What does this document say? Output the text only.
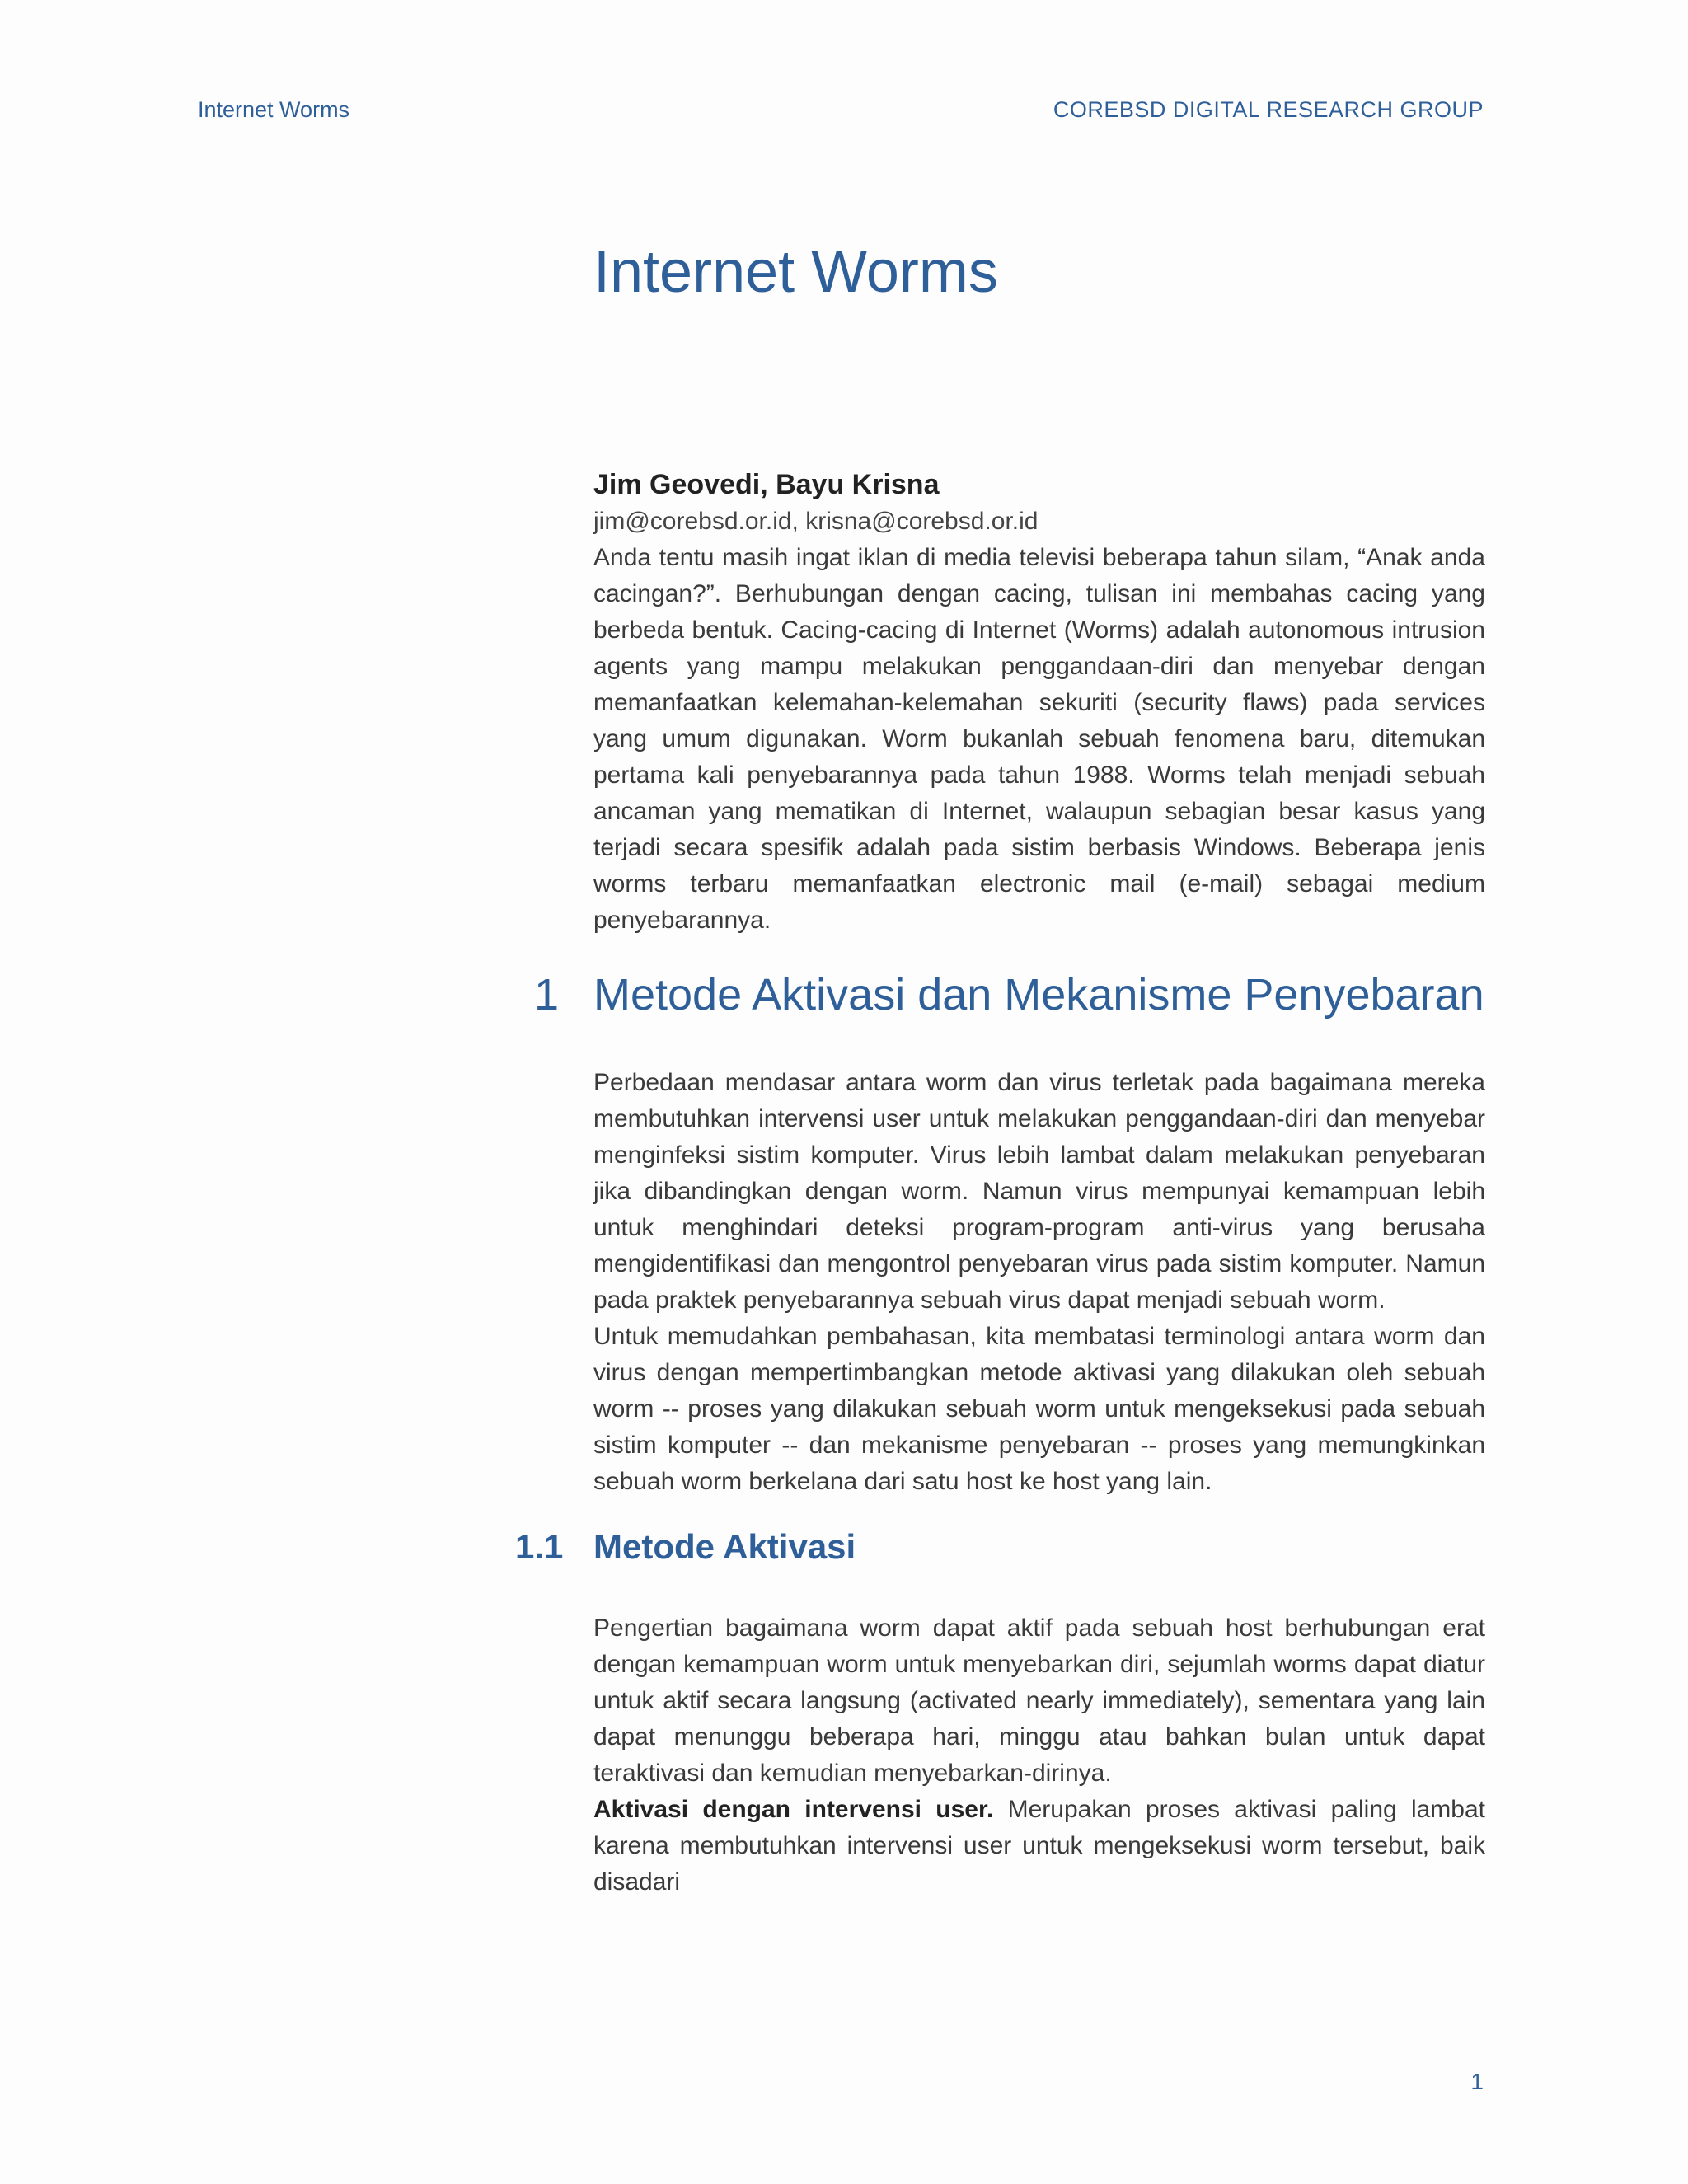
Internet Worms	COREBSD DIGITAL RESEARCH GROUP
Internet Worms
Jim Geovedi, Bayu Krisna
jim@corebsd.or.id, krisna@corebsd.or.id

Anda tentu masih ingat iklan di media televisi beberapa tahun silam, “Anak anda cacingan?”. Berhubungan dengan cacing, tulisan ini membahas cacing yang berbeda bentuk. Cacing-cacing di Internet (Worms) adalah autonomous intrusion agents yang mampu melakukan penggandaan-diri dan menyebar dengan memanfaatkan kelemahan-kelemahan sekuriti (security flaws) pada services yang umum digunakan. Worm bukanlah sebuah fenomena baru, ditemukan pertama kali penyebarannya pada tahun 1988. Worms telah menjadi sebuah ancaman yang mematikan di Internet, walaupun sebagian besar kasus yang terjadi secara spesifik adalah pada sistim berbasis Windows. Beberapa jenis worms terbaru memanfaatkan electronic mail (e-mail) sebagai medium penyebarannya.

1 Metode Aktivasi dan Mekanisme Penyebaran

Perbedaan mendasar antara worm dan virus terletak pada bagaimana mereka membutuhkan intervensi user untuk melakukan penggandaan-diri dan menyebar menginfeksi sistim komputer. Virus lebih lambat dalam melakukan penyebaran jika dibandingkan dengan worm. Namun virus mempunyai kemampuan lebih untuk menghindari deteksi program-program anti-virus yang berusaha mengidentifikasi dan mengontrol penyebaran virus pada sistim komputer. Namun pada praktek penyebarannya sebuah virus dapat menjadi sebuah worm.

Untuk memudahkan pembahasan, kita membatasi terminologi antara worm dan virus dengan mempertimbangkan metode aktivasi yang dilakukan oleh sebuah worm -- proses yang dilakukan sebuah worm untuk mengeksekusi pada sebuah sistim komputer -- dan mekanisme penyebaran -- proses yang memungkinkan sebuah worm berkelana dari satu host ke host yang lain.

1.1 Metode Aktivasi

Pengertian bagaimana worm dapat aktif pada sebuah host berhubungan erat dengan kemampuan worm untuk menyebarkan diri, sejumlah worms dapat diatur untuk aktif secara langsung (activated nearly immediately), sementara yang lain dapat menunggu beberapa hari, minggu atau bahkan bulan untuk dapat teraktivasi dan kemudian menyebarkan-dirinya.

Aktivasi dengan intervensi user. Merupakan proses aktivasi paling lambat karena membutuhkan intervensi user untuk mengeksekusi worm tersebut, baik disadari

1
